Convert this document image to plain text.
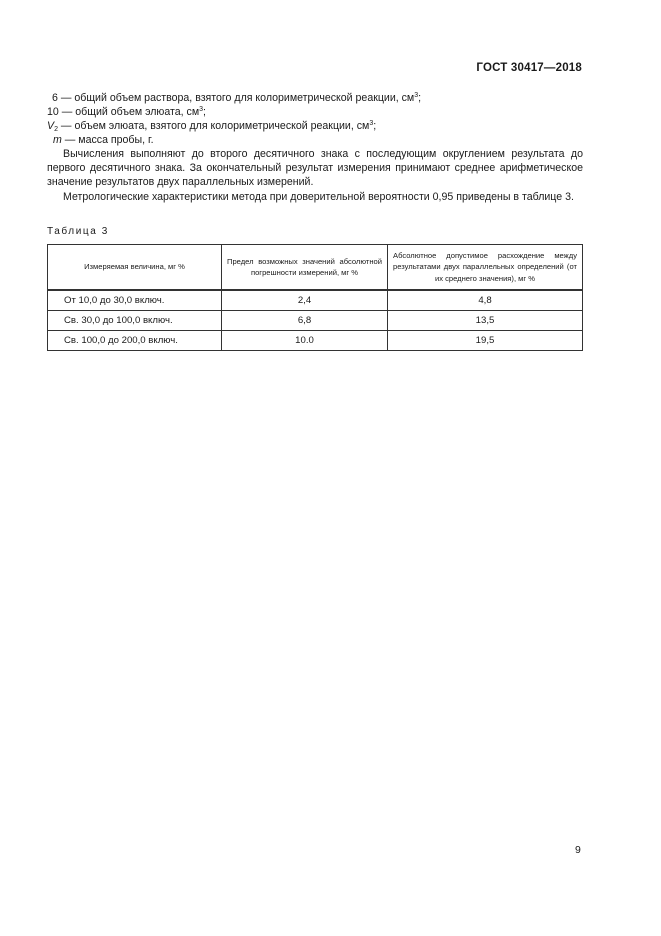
ГОСТ 30417—2018
6 — общий объем раствора, взятого для колориметрической реакции, $см^3$;
10 — общий объем элюата, $см^3$;
$V_2$ — объем элюата, взятого для колориметрической реакции, $см^3$;
m — масса пробы, г.

Вычисления выполняют до второго десятичного знака с последующим округлением результата до первого десятичного знака. За окончательный результат измерения принимают среднее арифметическое значение результатов двух параллельных измерений.

Метрологические характеристики метода при доверительной вероятности 0,95 приведены в таблице 3.

Таблица 3
Измеряемая величина, мг %	Предел возможных значений абсолютной погрешности измерений, мг %	Абсолютное допустимое расхождение между результатами двух параллельных определений (от их среднего значения), мг %
От 10,0 до 30,0 включ.	2,4	4,8
Св. 30,0 до 100,0 включ.	6,8	13,5
Св. 100,0 до 200,0 включ.	10.0	19,5
9
